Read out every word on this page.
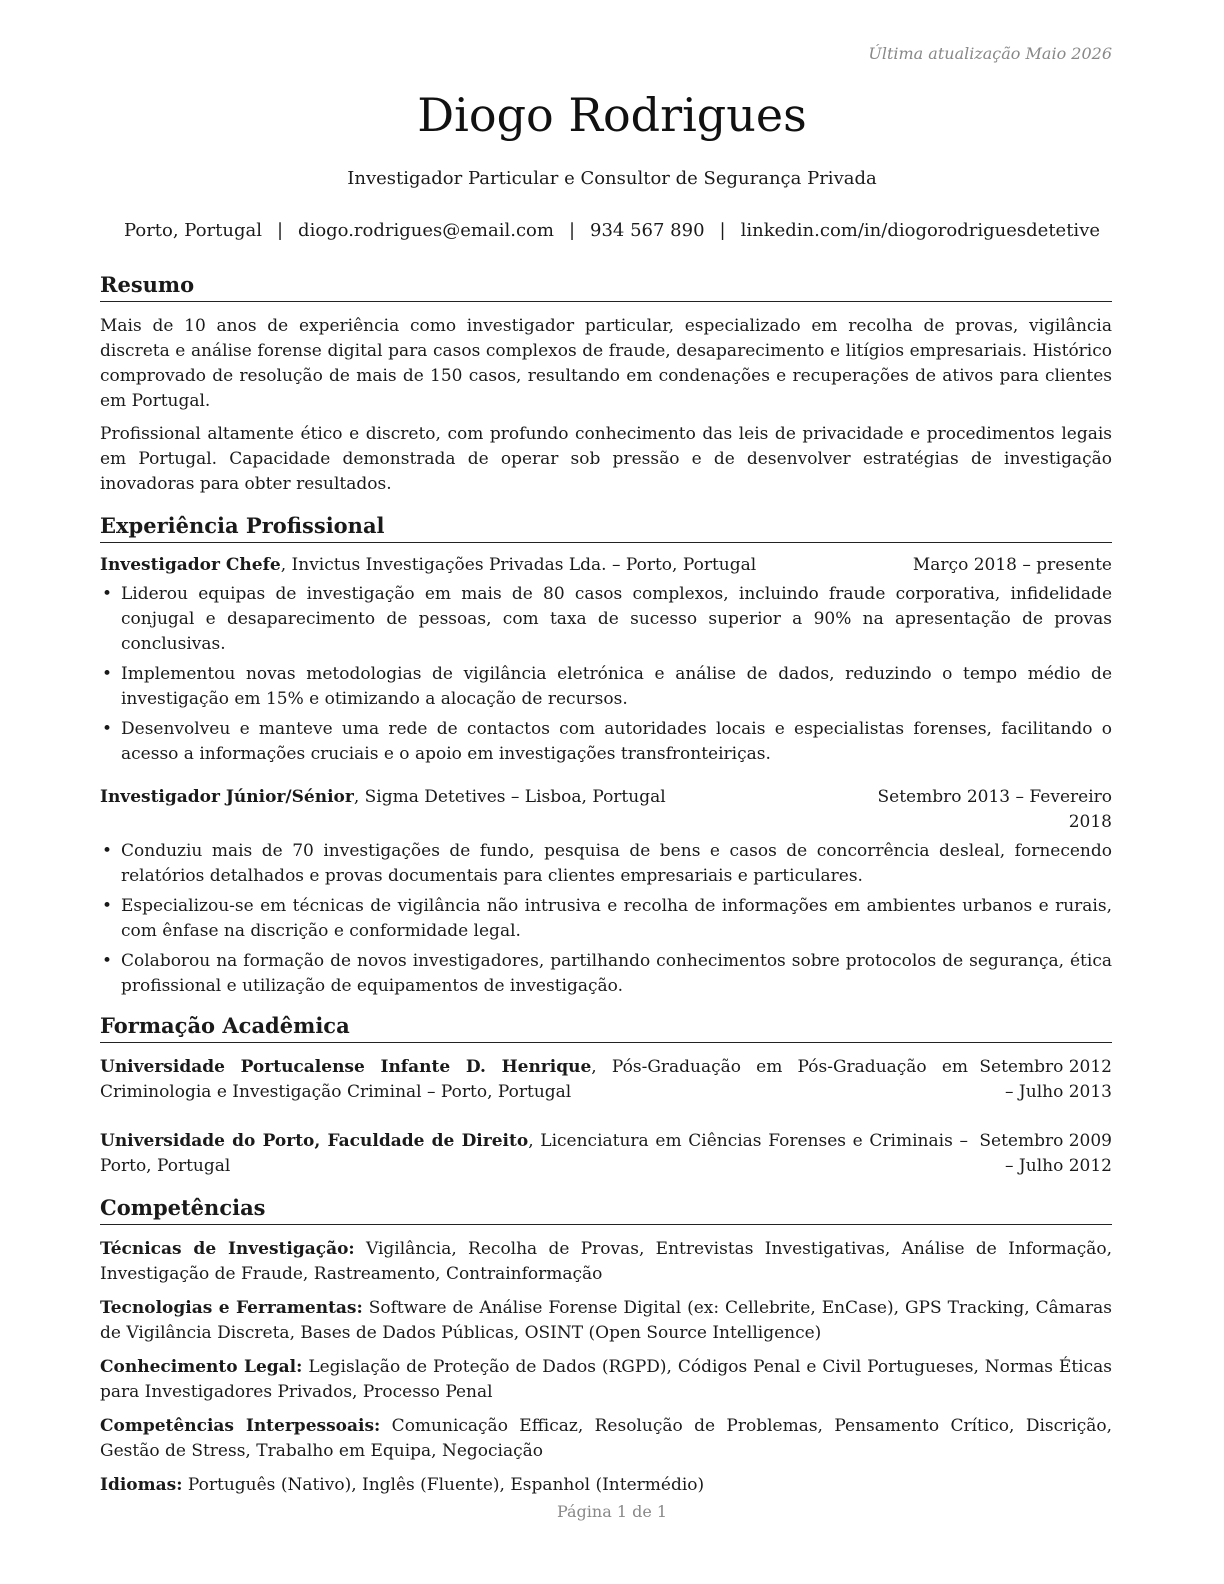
Última atualização Maio 2026

Diogo Rodrigues

Investigador Particular e Consultor de Segurança Privada

Porto, Portugal | diogo.rodrigues@email.com | 934 567 890 | linkedin.com/in/diogorodriguesdetetive

Resumo

Mais de 10 anos de experiência como investigador particular, especializado em recolha de provas, vigilância discreta e análise forense digital para casos complexos de fraude, desaparecimento e litígios empresariais. Histórico comprovado de resolução de mais de 150 casos, resultando em condenações e recuperações de ativos para clientes em Portugal.

Profissional altamente ético e discreto, com profundo conhecimento das leis de privacidade e procedimentos legais em Portugal. Capacidade demonstrada de operar sob pressão e de desenvolver estratégias de investigação inovadoras para obter resultados.

Experiência Profissional
Investigador Chefe, Invictus Investigações Privadas Lda. – Porto, Portugal	Março 2018 – presente
• Liderou equipas de investigação em mais de 80 casos complexos, incluindo fraude corporativa, infidelidade conjugal e desaparecimento de pessoas, com taxa de sucesso superior a 90% na apresentação de provas conclusivas.
• Implementou novas metodologias de vigilância eletrónica e análise de dados, reduzindo o tempo médio de investigação em 15% e otimizando a alocação de recursos.
• Desenvolveu e manteve uma rede de contactos com autoridades locais e especialistas forenses, facilitando o acesso a informações cruciais e o apoio em investigações transfronteiriças.
Investigador Júnior/Sénior, Sigma Detetives – Lisboa, Portugal	Setembro 2013 – Fevereiro 2018
• Conduziu mais de 70 investigações de fundo, pesquisa de bens e casos de concorrência desleal, fornecendo relatórios detalhados e provas documentais para clientes empresariais e particulares.
• Especializou-se em técnicas de vigilância não intrusiva e recolha de informações em ambientes urbanos e rurais, com ênfase na discrição e conformidade legal.
• Colaborou na formação de novos investigadores, partilhando conhecimentos sobre protocolos de segurança, ética profissional e utilização de equipamentos de investigação.
Formação Acadêmica
Universidade Portucalense Infante D. Henrique, Pós-Graduação em Pós-Graduação em Criminologia e Investigação Criminal – Porto, Portugal
Setembro 2012 – Julho 2013
Universidade do Porto, Faculdade de Direito, Licenciatura em Ciências Forenses e Criminais – Porto, Portugal
Setembro 2009 – Julho 2012
Competências

Técnicas de Investigação: Vigilância, Recolha de Provas, Entrevistas Investigativas, Análise de Informação, Investigação de Fraude, Rastreamento, Contrainformação

Tecnologias e Ferramentas: Software de Análise Forense Digital (ex: Cellebrite, EnCase), GPS Tracking, Câmaras de Vigilância Discreta, Bases de Dados Públicas, OSINT (Open Source Intelligence)

Conhecimento Legal: Legislação de Proteção de Dados (RGPD), Códigos Penal e Civil Portugueses, Normas Éticas para Investigadores Privados, Processo Penal

Competências Interpessoais: Comunicação Efficaz, Resolução de Problemas, Pensamento Crítico, Discrição, Gestão de Stress, Trabalho em Equipa, Negociação

Idiomas: Português (Nativo), Inglês (Fluente), Espanhol (Intermédio)

Página 1 de 1
